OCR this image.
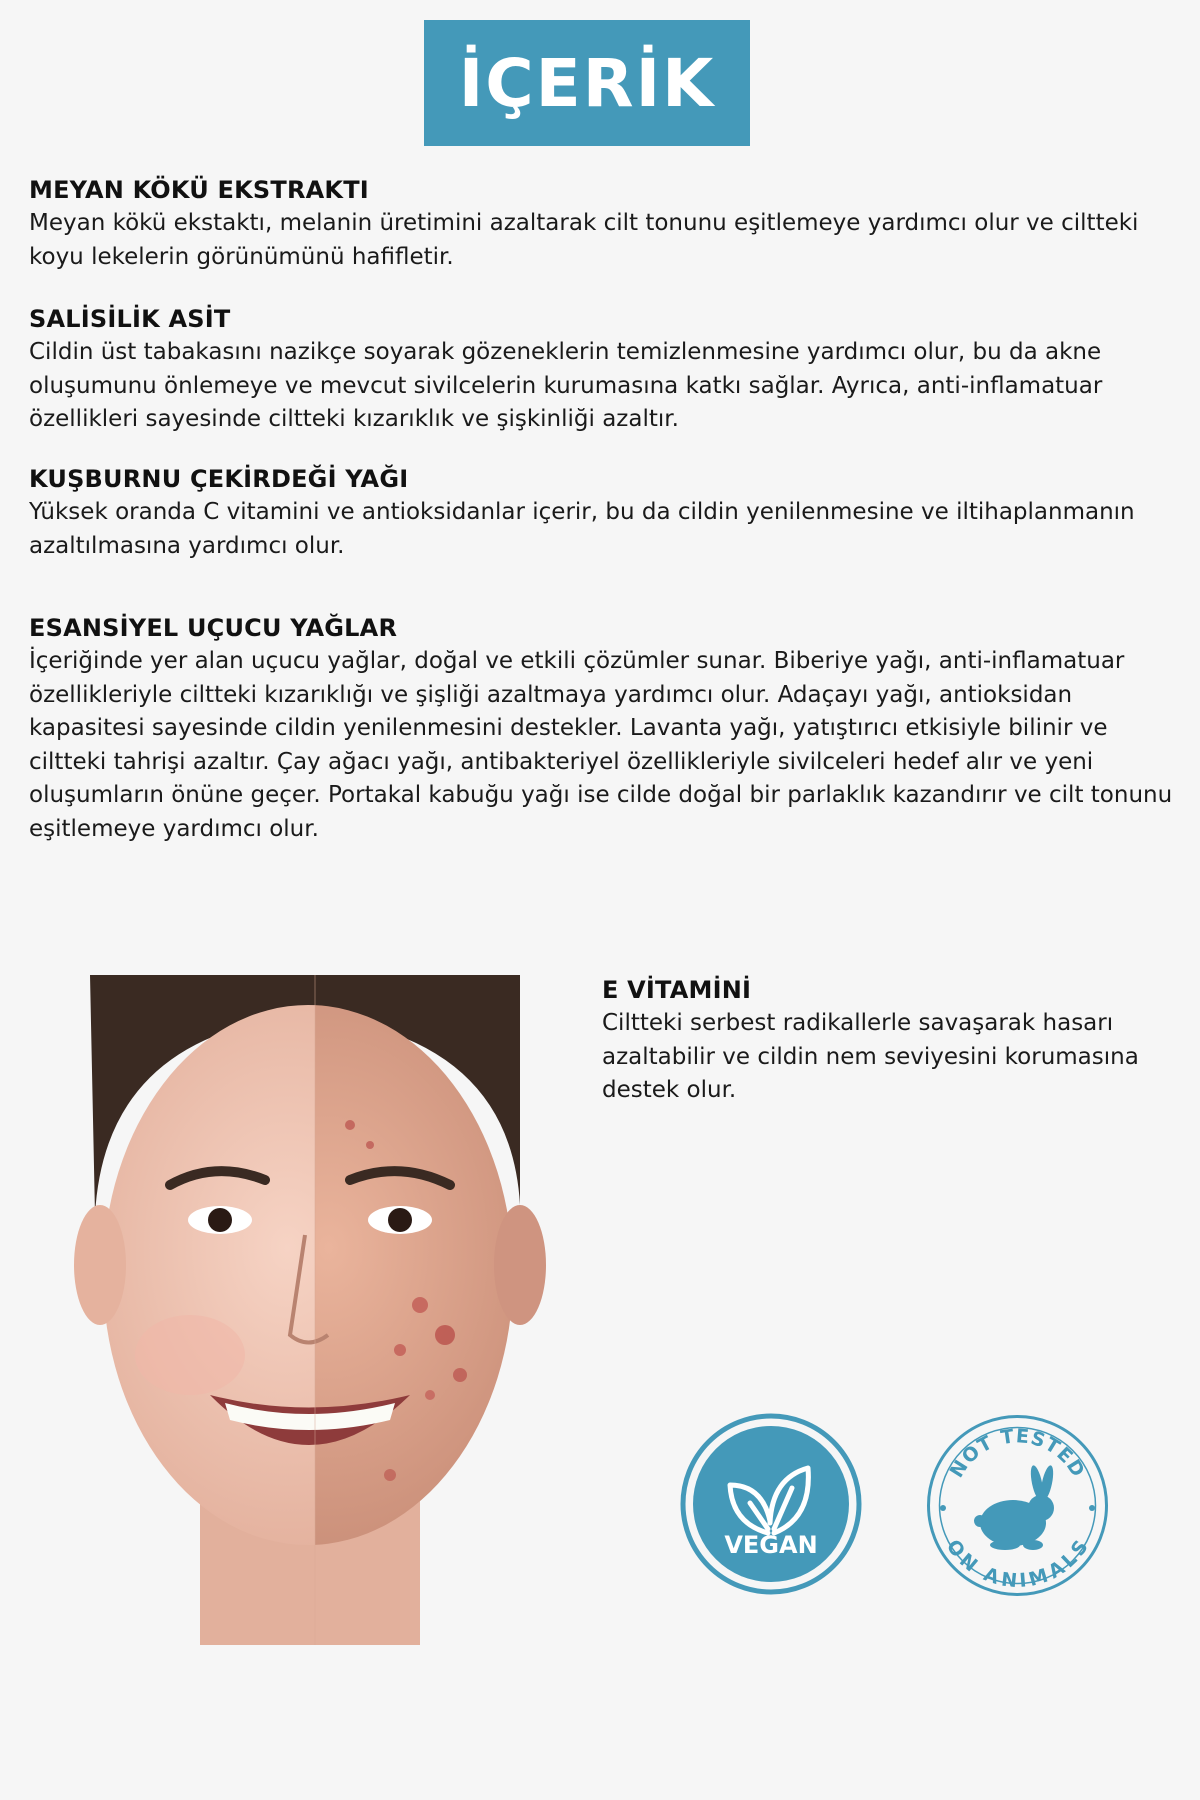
İÇERİK
MEYAN KÖKÜ EKSTRAKTI

Meyan kökü ekstaktı, melanin üretimini azaltarak cilt tonunu eşitlemeye yardımcı olur ve ciltteki koyu lekelerin görünümünü hafifletir.

SALİSİLİK ASİT

Cildin üst tabakasını nazikçe soyarak gözeneklerin temizlenmesine yardımcı olur, bu da akne oluşumunu önlemeye ve mevcut sivilcelerin kurumasına katkı sağlar. Ayrıca, anti-inflamatuar özellikleri sayesinde ciltteki kızarıklık ve şişkinliği azaltır.

KUŞBURNU ÇEKİRDEĞİ YAĞI

Yüksek oranda C vitamini ve antioksidanlar içerir, bu da cildin yenilenmesine ve iltihaplanmanın azaltılmasına yardımcı olur.

ESANSİYEL UÇUCU YAĞLAR

İçeriğinde yer alan uçucu yağlar, doğal ve etkili çözümler sunar. Biberiye yağı, anti-inflamatuar özellikleriyle ciltteki kızarıklığı ve şişliği azaltmaya yardımcı olur. Adaçayı yağı, antioksidan kapasitesi sayesinde cildin yenilenmesini destekler. Lavanta yağı, yatıştırıcı etkisiyle bilinir ve ciltteki tahrişi azaltır. Çay ağacı yağı, antibakteriyel özellikleriyle sivilceleri hedef alır ve yeni oluşumların önüne geçer. Portakal kabuğu yağı ise cilde doğal bir parlaklık kazandırır ve cilt tonunu eşitlemeye yardımcı olur.

E VİTAMİNİ

Ciltteki serbest radikallerle savaşarak hasarı azaltabilir ve cildin nem seviyesini korumasına destek olur.

VEGAN
NOT TESTED
ON ANIMALS
